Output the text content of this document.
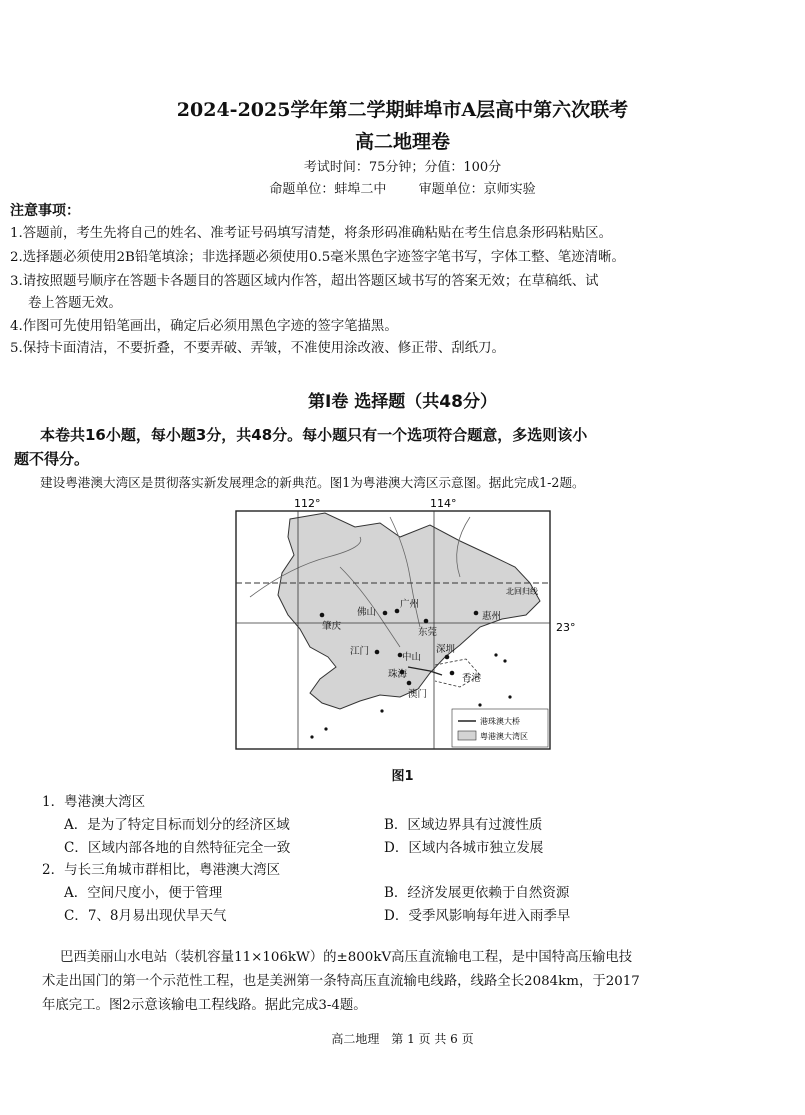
2024-2025学年第二学期蚌埠市A层高中第六次联考
高二地理卷
考试时间：75分钟；分值：100分
命题单位：蚌埠二中 审题单位：京师实验
注意事项：
1.答题前，考生先将自己的姓名、准考证号码填写清楚，将条形码准确粘贴在考生信息条形码粘贴区。
2.选择题必须使用2B铅笔填涂；非选择题必须使用0.5毫米黑色字迹签字笔书写，字体工整、笔迹清晰。
3.请按照题号顺序在答题卡各题目的答题区域内作答，超出答题区域书写的答案无效；在草稿纸、试
卷上答题无效。
4.作图可先使用铅笔画出，确定后必须用黑色字迹的签字笔描黑。
5.保持卡面清洁，不要折叠，不要弄破、弄皱，不准使用涂改液、修正带、刮纸刀。
第Ⅰ卷 选择题（共48分）
本卷共16小题，每小题3分，共48分。每小题只有一个选项符合题意，多选则该小
题不得分。
建设粤港澳大湾区是贯彻落实新发展理念的新典范。图1为粤港澳大湾区示意图。据此完成1-2题。
112°	114°
北回归线
23°
肇庆
佛山
广州
东莞
惠州
江门
中山
深圳
珠海	香港
澳门
港珠澳大桥
粤港澳大湾区
图1
1．粤港澳大湾区
A．是为了特定目标而划分的经济区域	B．区域边界具有过渡性质
C．区域内部各地的自然特征完全一致	D．区域内各城市独立发展
2．与长三角城市群相比，粤港澳大湾区
A．空间尺度小，便于管理	B．经济发展更依赖于自然资源
C．7、8月易出现伏旱天气	D．受季风影响每年进入雨季早
巴西美丽山水电站（装机容量11×106kW）的±800kV高压直流输电工程，是中国特高压输电技
术走出国门的第一个示范性工程，也是美洲第一条特高压直流输电线路，线路全长2084km，于2017
年底完工。图2示意该输电工程线路。据此完成3-4题。
高二地理 第 1 页 共 6 页
